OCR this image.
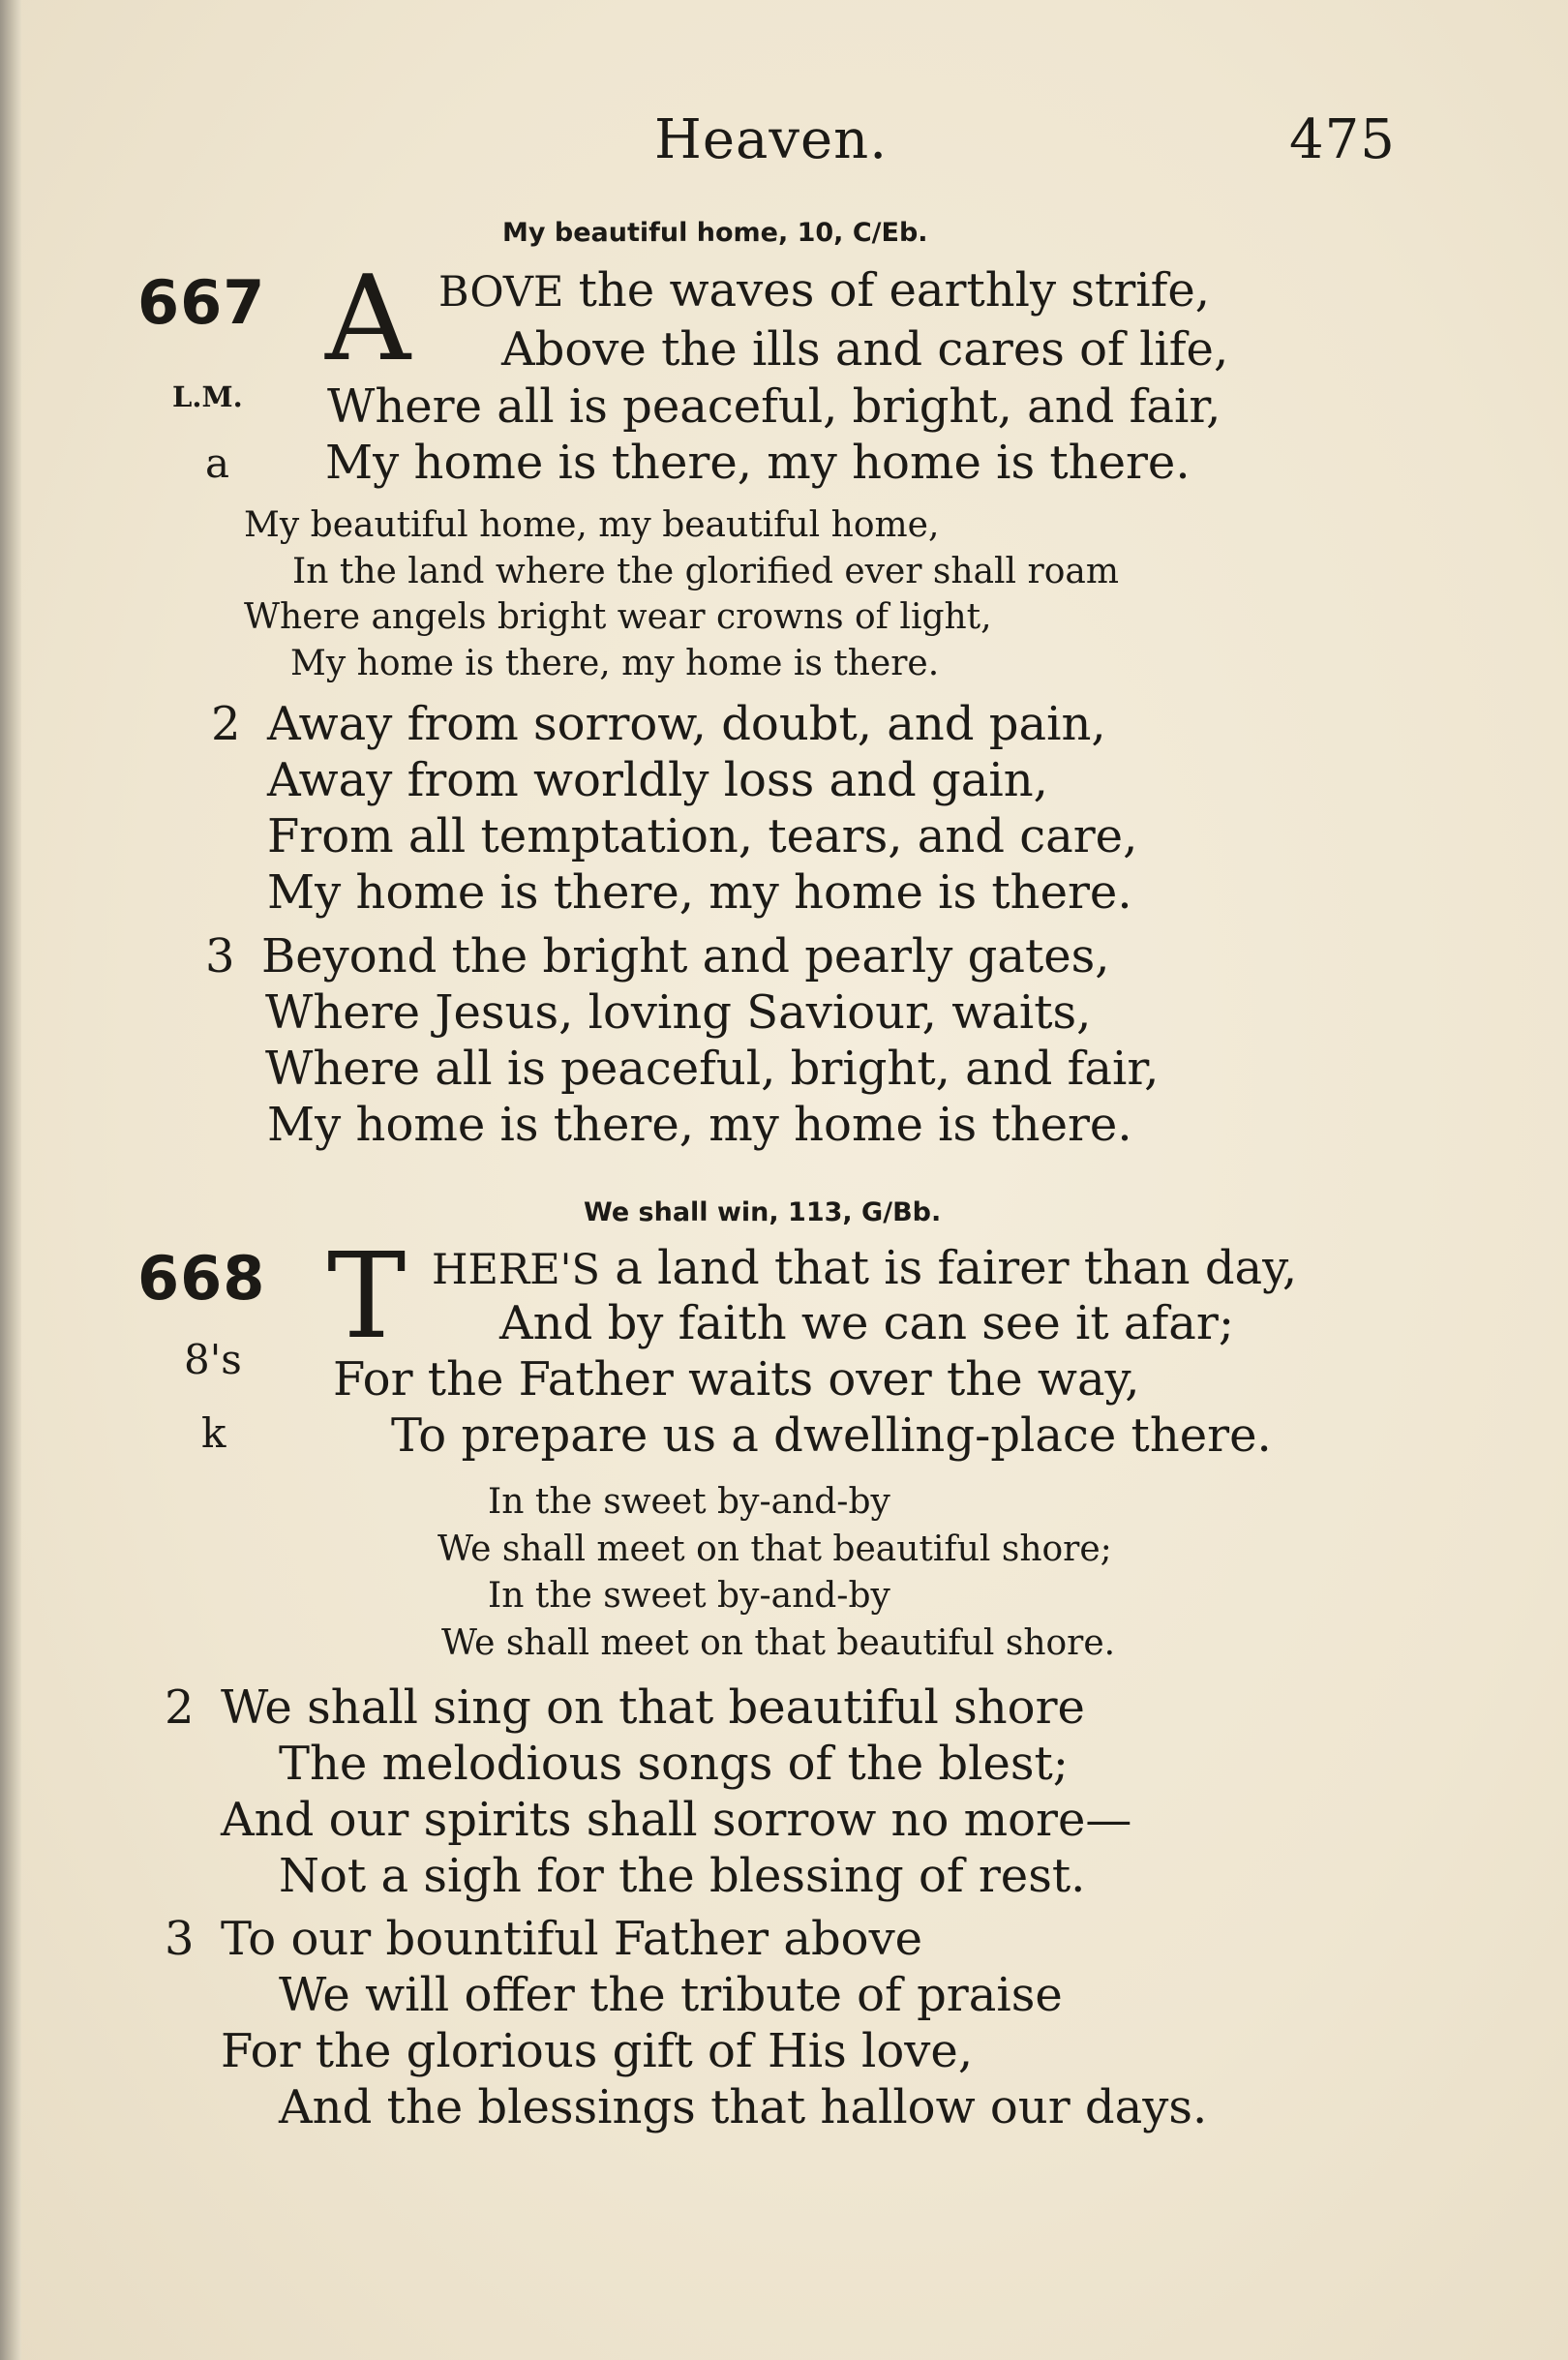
Heaven.	475
My beautiful home, 10, C/Eb.
667 A BOVE the waves of earthly strife,
L.M.
a
Above the ills and cares of life,
Where all is peaceful, bright, and fair,
My home is there, my home is there.
My beautiful home, my beautiful home,
In the land where the glorified ever shall roam
Where angels bright wear crowns of light,
My home is there, my home is there.
2 Away from sorrow, doubt, and pain,
Away from worldly loss and gain,
From all temptation, tears, and care,
My home is there, my home is there.
3 Beyond the bright and pearly gates,
Where Jesus, loving Saviour, waits,
Where all is peaceful, bright, and fair,
My home is there, my home is there.
We shall win, 113, G/Bb.
668 T HERE'S a land that is fairer than day,
8's
k
And by faith we can see it afar;
For the Father waits over the way,
To prepare us a dwelling-place there.
In the sweet by-and-by
We shall meet on that beautiful shore;
In the sweet by-and-by
We shall meet on that beautiful shore.
2 We shall sing on that beautiful shore
The melodious songs of the blest;
And our spirits shall sorrow no more—
Not a sigh for the blessing of rest.
3 To our bountiful Father above
We will offer the tribute of praise
For the glorious gift of His love,
And the blessings that hallow our days.
